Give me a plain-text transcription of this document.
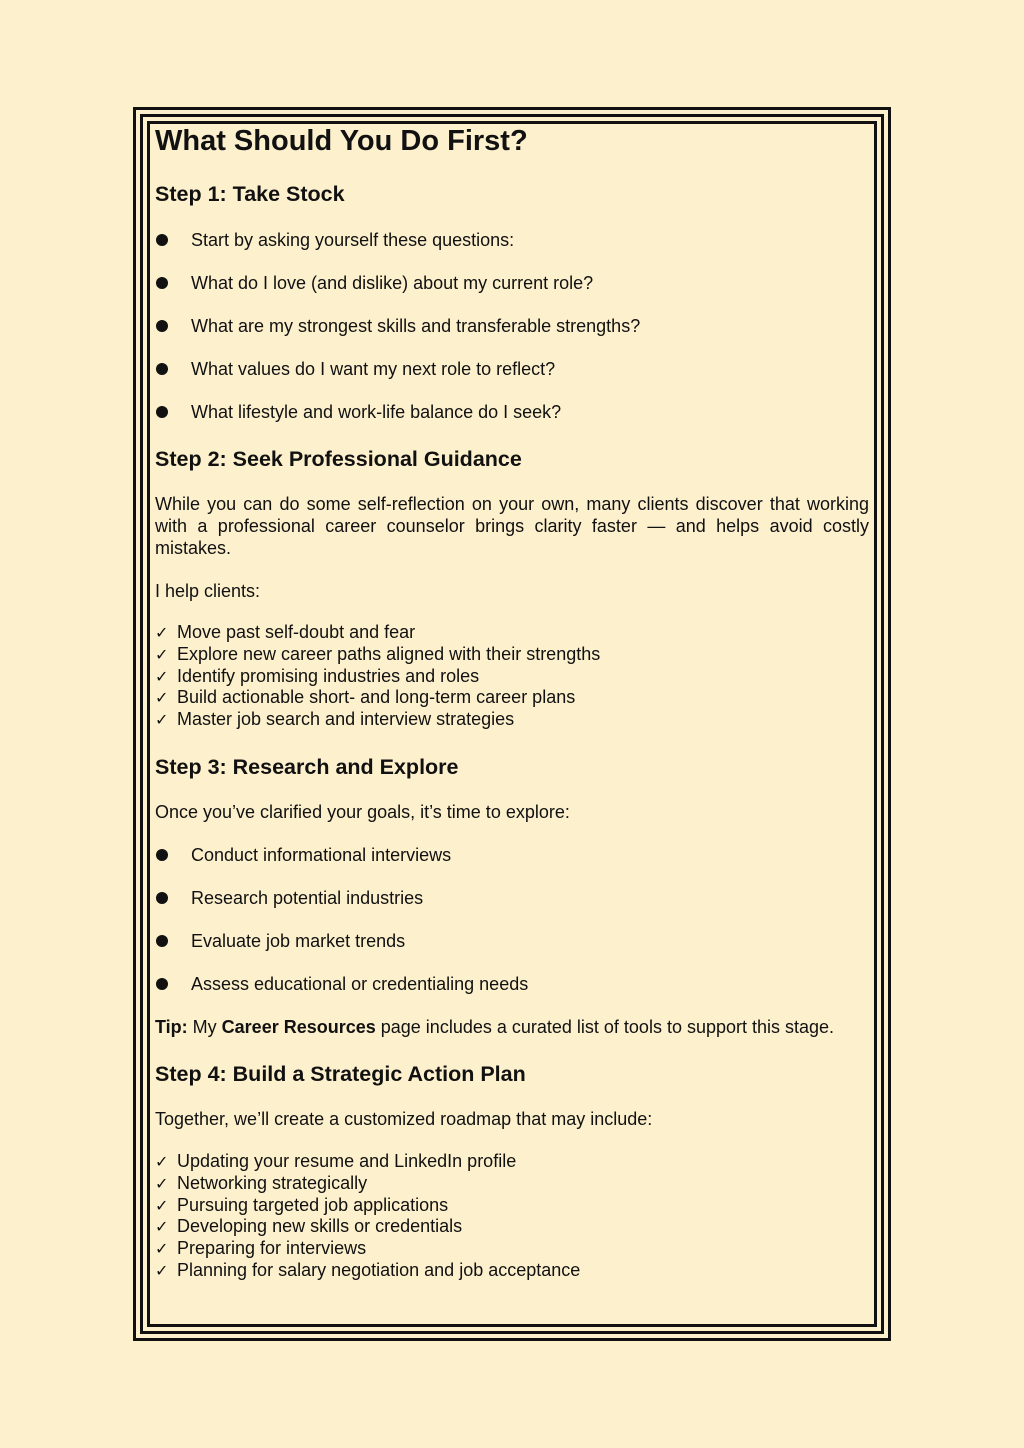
What Should You Do First?
Step 1: Take Stock
Start by asking yourself these questions:
What do I love (and dislike) about my current role?
What are my strongest skills and transferable strengths?
What values do I want my next role to reflect?
What lifestyle and work-life balance do I seek?
Step 2: Seek Professional Guidance

While you can do some self-reflection on your own, many clients discover that working with a professional career counselor brings clarity faster — and helps avoid costly mistakes.

I help clients:

✓ Move past self-doubt and fear
✓ Explore new career paths aligned with their strengths
✓ Identify promising industries and roles
✓ Build actionable short- and long-term career plans
✓ Master job search and interview strategies
Step 3: Research and Explore

Once you’ve clarified your goals, it’s time to explore:

Conduct informational interviews
Research potential industries
Evaluate job market trends
Assess educational or credentialing needs

Tip: My Career Resources page includes a curated list of tools to support this stage.

Step 4: Build a Strategic Action Plan

Together, we’ll create a customized roadmap that may include:

✓ Updating your resume and LinkedIn profile
✓ Networking strategically
✓ Pursuing targeted job applications
✓ Developing new skills or credentials
✓ Preparing for interviews
✓ Planning for salary negotiation and job acceptance
